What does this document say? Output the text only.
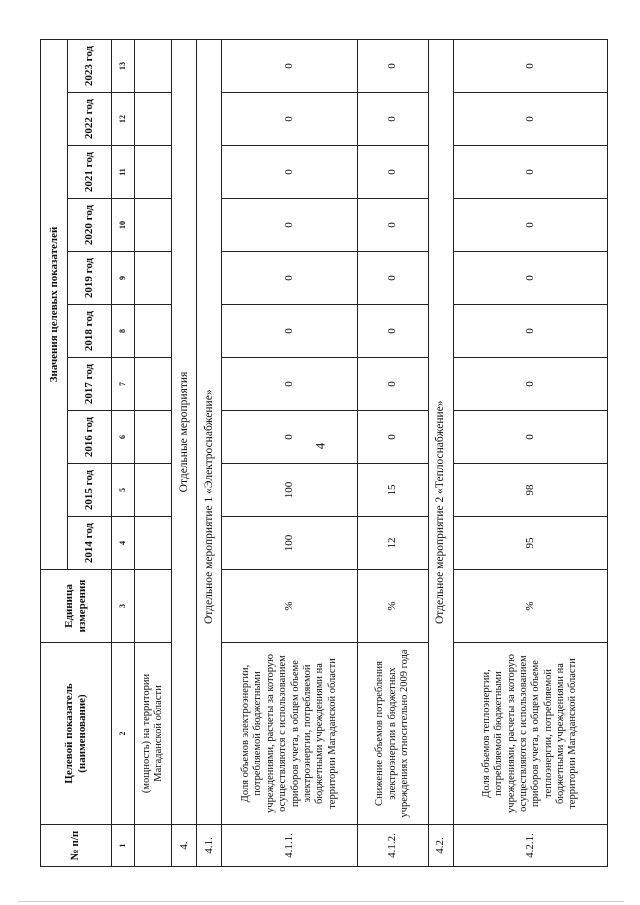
4
№ п/п	Целевой показатель (наименование)	Единица измерения	Значения целевых показателей									
			2014 год	2015 год	2016 год	2017 год	2018 год	2019 год	2020 год	2021 год	2022 год	2023 год
1	2	3	4	5	6	7	8	9	10	11	12	13
	(мощность) на территории Магаданской области											
4.	Отдельные мероприятия											
4.1.	Отдельное мероприятие 1 «Электроснабжение»											
4.1.1.	Доля объемов электроэнергии, потребляемой бюджетными учреждениями, расчеты за которую осуществляются с использованием приборов учета, в общем объеме электроэнергии, потребляемой бюджетными учреждениями на территории Магаданской области	%	100	100	0	0	0	0	0	0	0	0
4.1.2.	Снижение объемов потребления электроэнергии в бюджетных учреждениях относительно 2009 года	%	12	15	0	0	0	0	0	0	0	0
4.2.	Отдельное мероприятие 2 «Теплоснабжение»											
4.2.1.	Доля объемов теплоэнергии, потребляемой бюджетными учреждениями, расчеты за которую осуществляются с использованием приборов учета, в общем объеме теплоэнергии, потребляемой бюджетными учреждениями на территории Магаданской области	%	95	98	0	0	0	0	0	0	0	0
